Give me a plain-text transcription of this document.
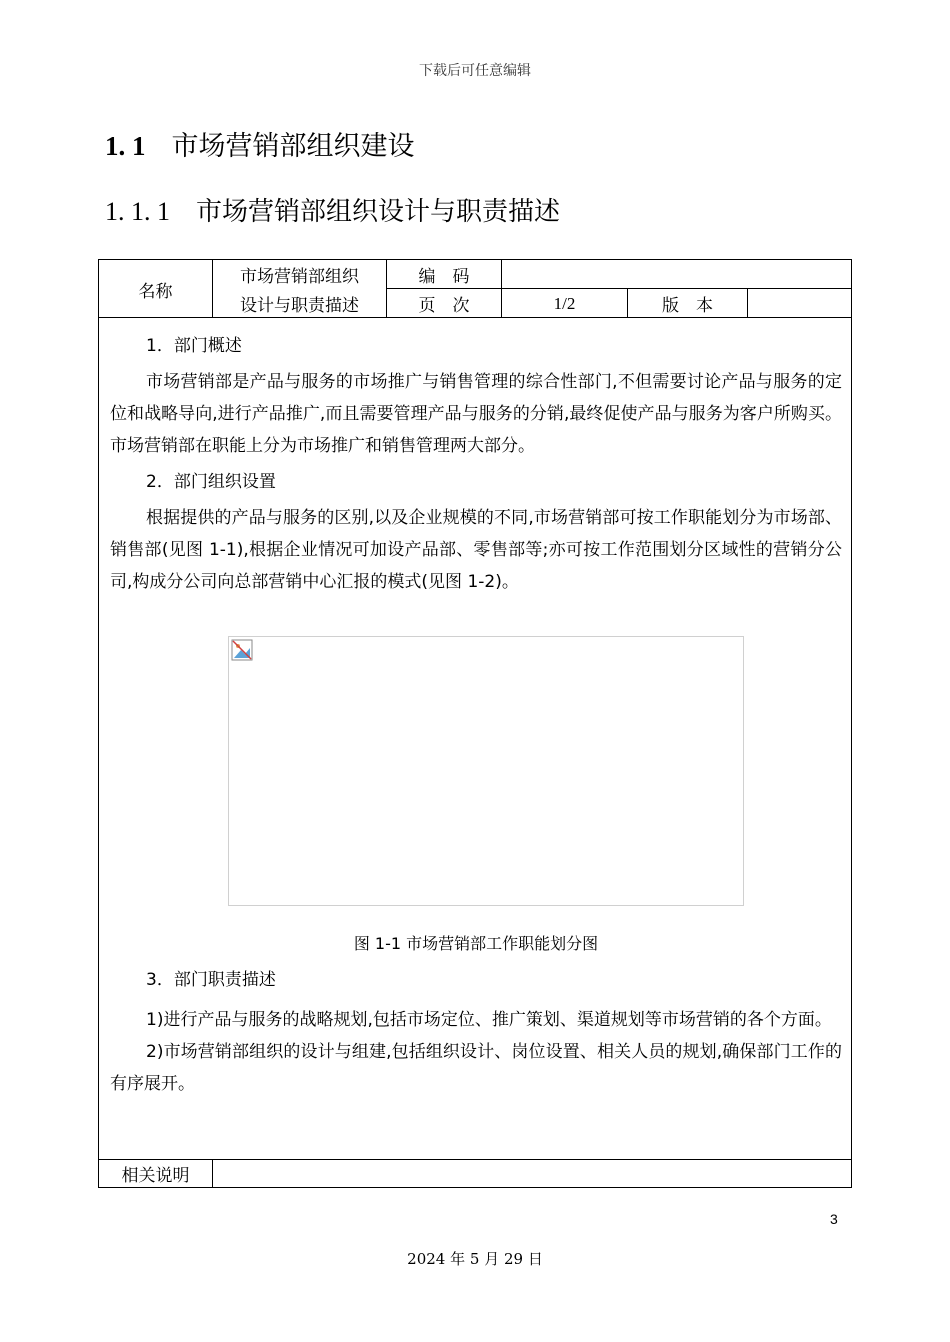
下载后可任意编辑
1. 1 市场营销部组织建设
1. 1. 1 市场营销部组织设计与职责描述
名称
市场营销部组织
设计与职责描述
编　码
页　次	1/2	版　本

1．部门概述

市场营销部是产品与服务的市场推广与销售管理的综合性部门,不但需要讨论产品与服务的定位和战略导向,进行产品推广,而且需要管理产品与服务的分销,最终促使产品与服务为客户所购买。市场营销部在职能上分为市场推广和销售管理两大部分。

2．部门组织设置

根据提供的产品与服务的区别,以及企业规模的不同,市场营销部可按工作职能划分为市场部、销售部(见图 1-1),根据企业情况可加设产品部、零售部等;亦可按工作范围划分区域性的营销分公司,构成分公司向总部营销中心汇报的模式(见图 1-2)。

图 1-1 市场营销部工作职能划分图

3．部门职责描述

1)进行产品与服务的战略规划,包括市场定位、推广策划、渠道规划等市场营销的各个方面。

2)市场营销部组织的设计与组建,包括组织设计、岗位设置、相关人员的规划,确保部门工作的有序展开。

相关说明
3
2024 年 5 月 29 日
